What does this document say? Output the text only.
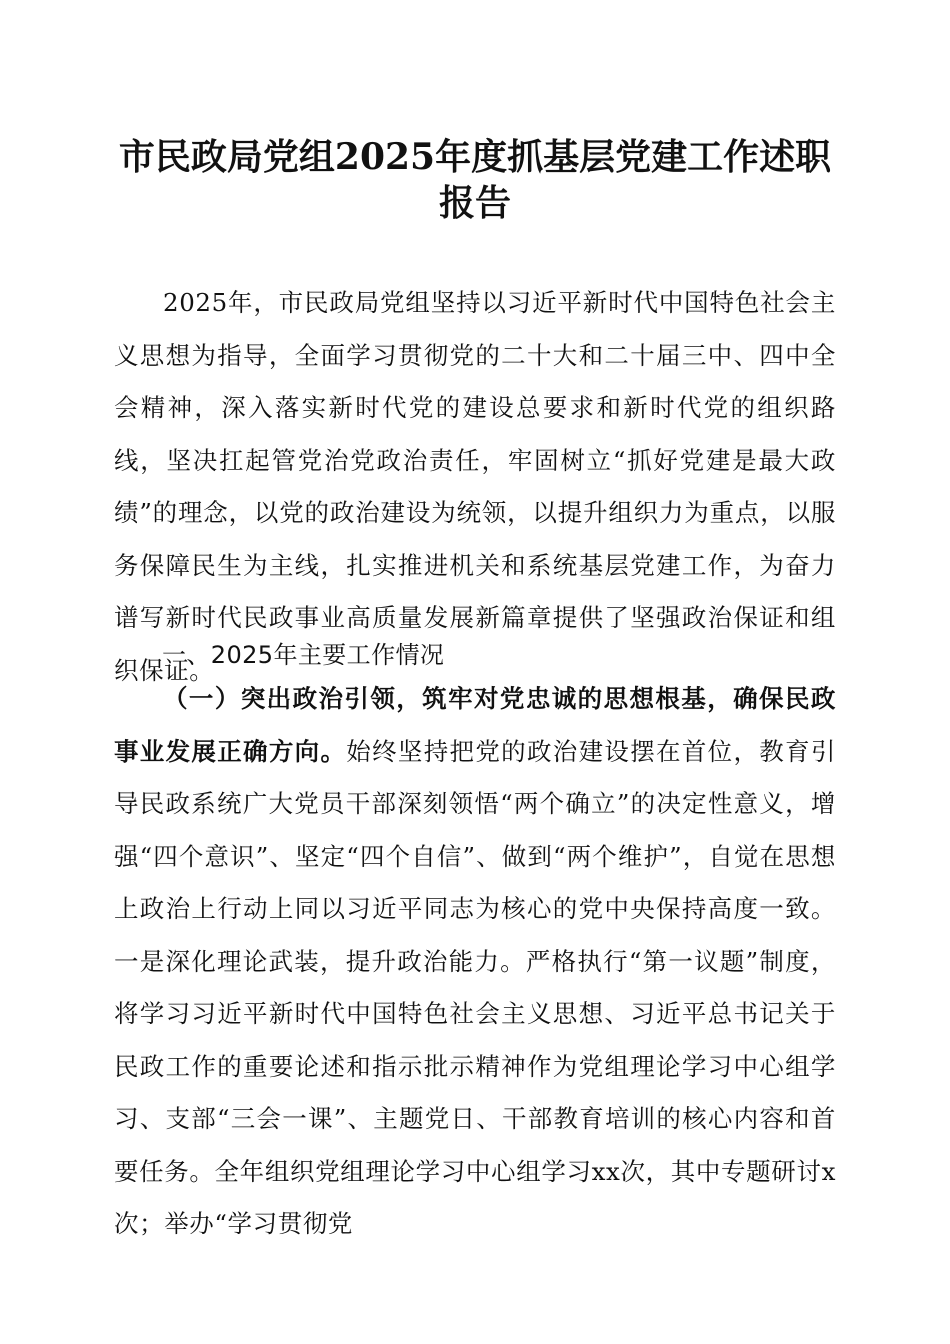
市民政局党组2025年度抓基层党建工作述职
报告

2025年，市民政局党组坚持以习近平新时代中国特色社会主义思想为指导，全面学习贯彻党的二十大和二十届三中、四中全会精神，深入落实新时代党的建设总要求和新时代党的组织路线，坚决扛起管党治党政治责任，牢固树立“抓好党建是最大政绩”的理念，以党的政治建设为统领，以提升组织力为重点，以服务保障民生为主线，扎实推进机关和系统基层党建工作，为奋力谱写新时代民政事业高质量发展新篇章提供了坚强政治保证和组织保证。

一、2025年主要工作情况

（一）突出政治引领，筑牢对党忠诚的思想根基，确保民政事业发展正确方向。始终坚持把党的政治建设摆在首位，教育引导民政系统广大党员干部深刻领悟“两个确立”的决定性意义，增强“四个意识”、坚定“四个自信”、做到“两个维护”，自觉在思想上政治上行动上同以习近平同志为核心的党中央保持高度一致。一是深化理论武装，提升政治能力。严格执行“第一议题”制度，将学习习近平新时代中国特色社会主义思想、习近平总书记关于民政工作的重要论述和指示批示精神作为党组理论学习中心组学习、支部“三会一课”、主题党日、干部教育培训的核心内容和首要任务。全年组织党组理论学习中心组学习xx次，其中专题研讨x次；举办“学习贯彻党
